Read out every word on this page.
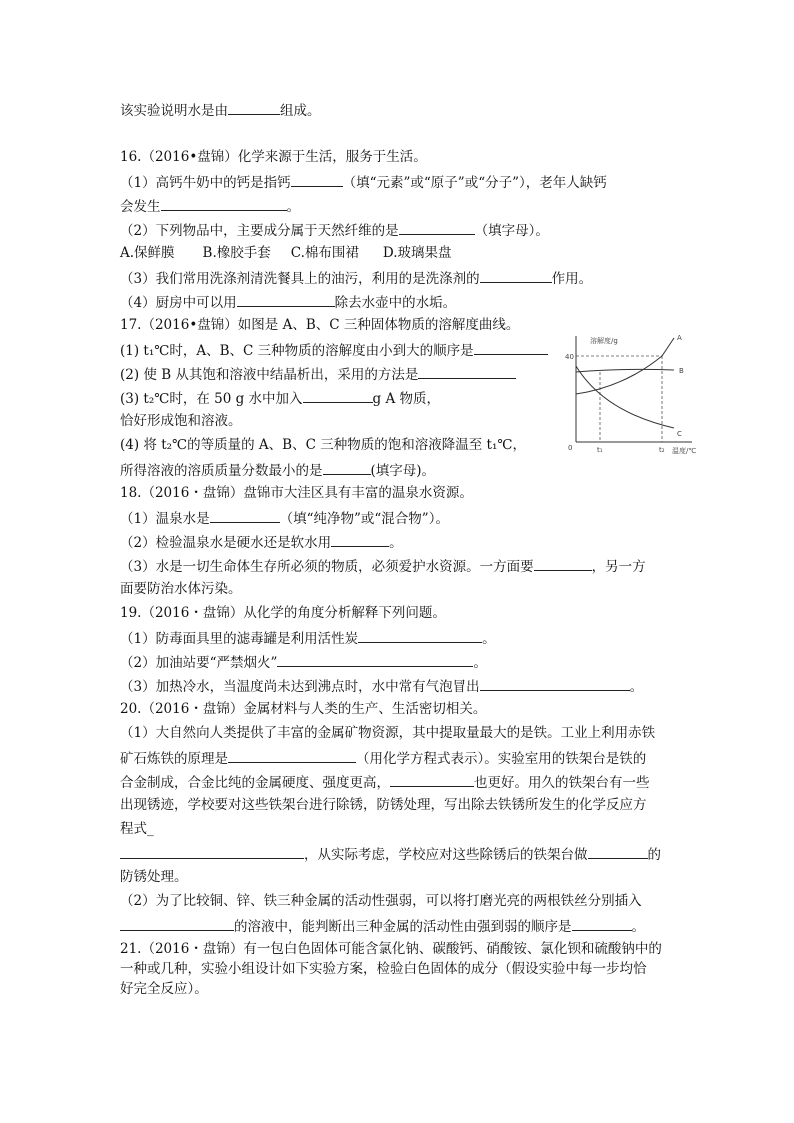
该实验说明水是由	组成。
16.（2016•盘锦）化学来源于生活，服务于生活。
（1）高钙牛奶中的钙是指钙	（填“元素”或“原子”或“分子”），老年人缺钙
会发生	。
（2）下列物品中，主要成分属于天然纤维的是	（填字母）。
A.保鲜膜 B.橡胶手套 C.棉布围裙 D.玻璃果盘
（3）我们常用洗涤剂清洗餐具上的油污，利用的是洗涤剂的	作用。
（4）厨房中可以用	除去水壶中的水垢。
17.（2016•盘锦）如图是 A、B、C 三种固体物质的溶解度曲线。
(1) t₁℃时，A、B、C 三种物质的溶解度由小到大的顺序是
(2) 使 B 从其饱和溶液中结晶析出，采用的方法是
(3) t₂℃时，在 50 g 水中加入	g A 物质，
恰好形成饱和溶液。
(4) 将 t₂℃的等质量的 A、B、C 三种物质的饱和溶液降温至 t₁℃，
所得溶液的溶质质量分数最小的是	(填字母)。
溶解度/g
40
0	t₁	t₂ 温度/℃
A
B
C
18.（2016・盘锦）盘锦市大洼区具有丰富的温泉水资源。
（1）温泉水是	（填“纯净物”或“混合物”）。
（2）检验温泉水是硬水还是软水用	。
（3）水是一切生命体生存所必须的物质，必须爱护水资源。一方面要	，另一方
面要防治水体污染。
19.（2016・盘锦）从化学的角度分析解释下列问题。
（1）防毒面具里的滤毒罐是利用活性炭	。
（2）加油站要“严禁烟火”	。
（3）加热冷水，当温度尚未达到沸点时，水中常有气泡冒出	。
20.（2016・盘锦）金属材料与人类的生产、生活密切相关。
（1）大自然向人类提供了丰富的金属矿物资源，其中提取量最大的是铁。工业上利用赤铁
矿石炼铁的原理是	（用化学方程式表示）。实验室用的铁架台是铁的
合金制成，合金比纯的金属硬度、强度更高，	也更好。用久的铁架台有一些
出现锈迹，学校要对这些铁架台进行除锈，防锈处理，写出除去铁锈所发生的化学反应方
程式_
，从实际考虑，学校应对这些除锈后的铁架台做	的
防锈处理。
（2）为了比较铜、锌、铁三种金属的活动性强弱，可以将打磨光亮的两根铁丝分别插入
的溶液中，能判断出三种金属的活动性由强到弱的顺序是	。
21.（2016・盘锦）有一包白色固体可能含氯化钠、碳酸钙、硝酸铵、氯化钡和硫酸钠中的
一种或几种，实验小组设计如下实验方案，检验白色固体的成分（假设实验中每一步均恰
好完全反应）。
